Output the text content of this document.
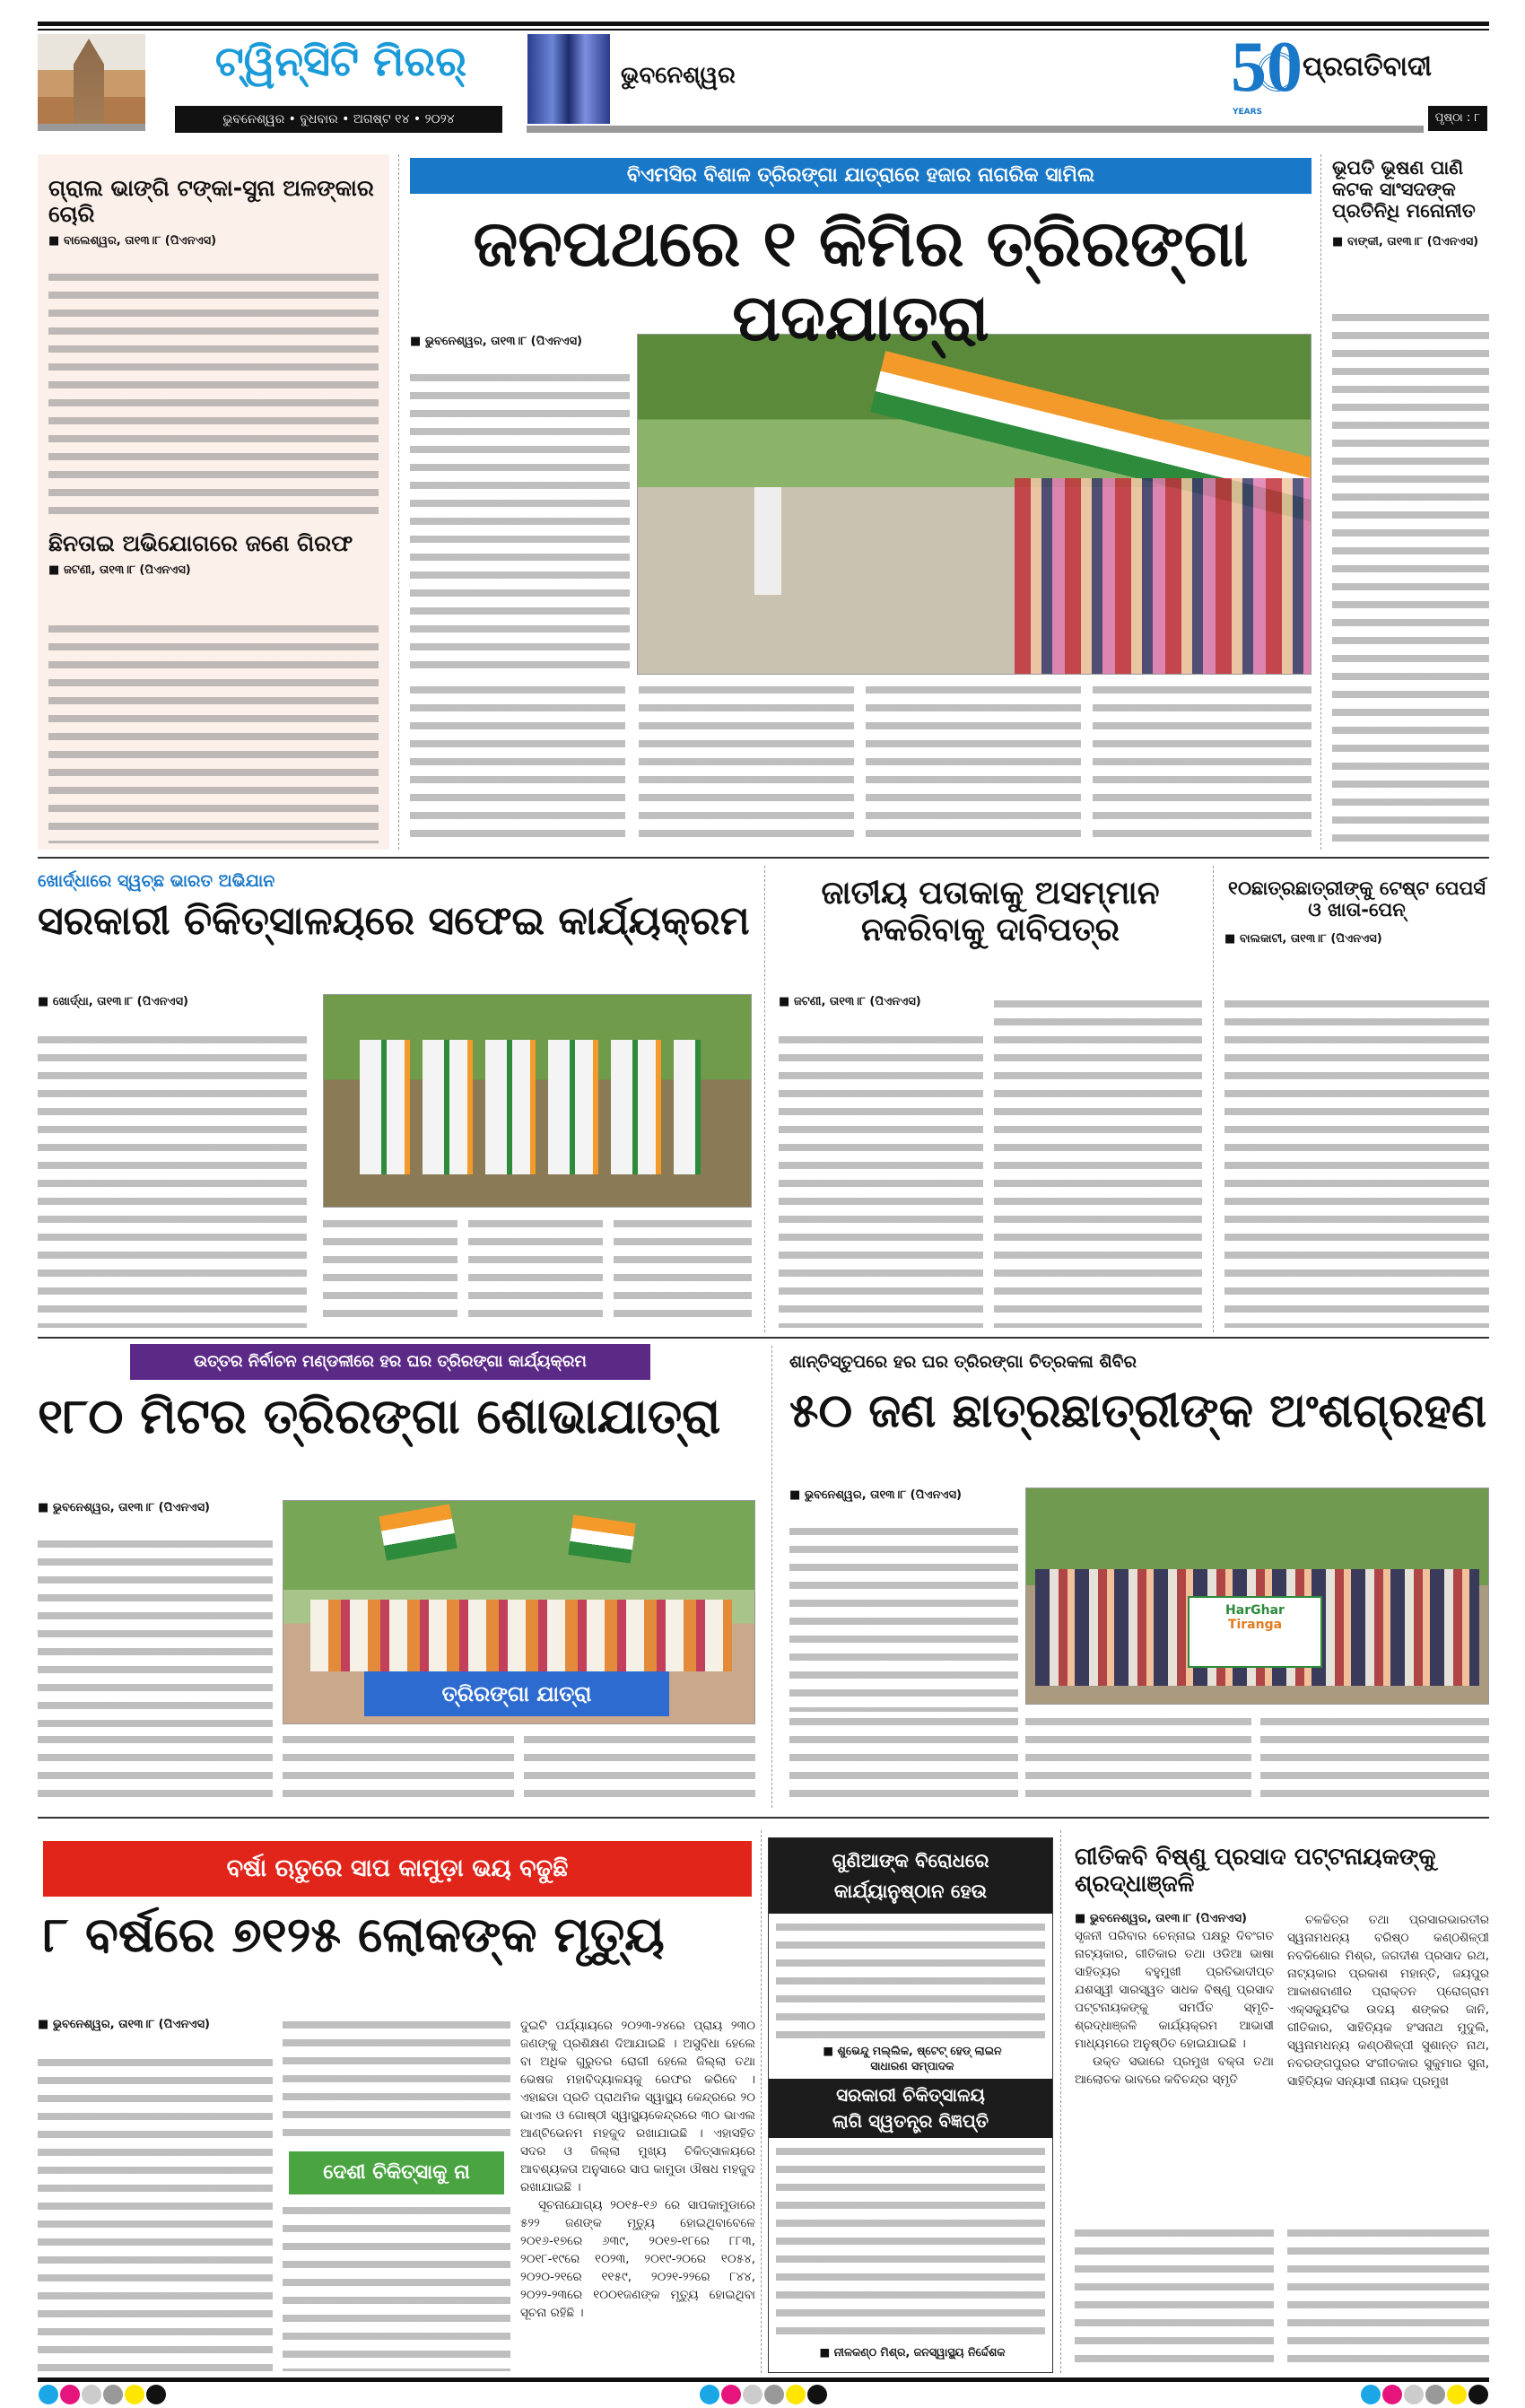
ଟ୍ୱିନ୍‌ସିଟି ମିରର୍
ଭୁବନେଶ୍ୱର • ବୁଧବାର • ଅଗଷ୍ଟ ୧୪ • ୨୦୨୪
ଭୁବନେଶ୍ୱର	50
YEARS
ପ୍ରଗତିବାଦୀ
ପୃଷ୍ଠା : ୮
ଗ୍ରାଲ ଭାଙ୍ଗି ଟଙ୍କା-ସୁନା ଅଳଙ୍କାର ଚୋରି
■ ବାଲେଶ୍ୱର, ତା୧୩।୮ (ପିଏନଏସ)
ଛିନତାଇ ଅଭିଯୋଗରେ ଜଣେ ଗିରଫ
■ ଜଟଣୀ, ତା୧୩।୮ (ପିଏନଏସ)
ବିଏମସିର ବିଶାଳ ତ୍ରିରଙ୍ଗା ଯାତ୍ରାରେ ହଜାର ନାଗରିକ ସାମିଲ
ଜନପଥରେ ୧ କିମିର ତ୍ରିରଙ୍ଗା ପଦଯାତ୍ରା
■ ଭୁବନେଶ୍ୱର, ତା୧୩।୮ (ପିଏନଏସ)
ଭୂପତି ଭୂଷଣ ପାଣି
କଟକ ସାଂସଦଙ୍କ
ପ୍ରତିନିଧି ମନୋନୀତ
■ ବାଙ୍କୀ, ତା୧୩।୮ (ପିଏନଏସ)
ଖୋର୍ଦ୍ଧାରେ ସ୍ୱଚ୍ଛ ଭାରତ ଅଭିଯାନ
ସରକାରୀ ଚିକିତ୍ସାଳୟରେ ସଫେଇ କାର୍ଯ୍ୟକ୍ରମ
■ ଖୋର୍ଦ୍ଧା, ତା୧୩।୮ (ପିଏନଏସ)
ଜାତୀୟ ପତାକାକୁ ଅସମ୍ମାନ
ନକରିବାକୁ ଦାବିପତ୍ର
■ ଜଟଣୀ, ତା୧୩।୮ (ପିଏନଏସ)
୧୦ଛାତ୍ରଛାତ୍ରୀଙ୍କୁ ଟେଷ୍ଟ ପେପର୍ସ
ଓ ଖାତା-ପେନ୍
■ ବାଲକାଟୀ, ତା୧୩।୮ (ପିଏନଏସ)
ଉତ୍ତର ନିର୍ବାଚନ ମଣ୍ଡଳୀରେ ହର ଘର ତ୍ରିରଙ୍ଗା କାର୍ଯ୍ୟକ୍ରମ
୧୮୦ ମିଟର ତ୍ରିରଙ୍ଗା ଶୋଭାଯାତ୍ରା
■ ଭୁବନେଶ୍ୱର, ତା୧୩।୮ (ପିଏନଏସ)
ତ୍ରିରଙ୍ଗା ଯାତ୍ରା
ଶାନ୍ତିସ୍ତୁପରେ ହର ଘର ତ୍ରିରଙ୍ଗା ଚିତ୍ରକଳା ଶିବିର
୫୦ ଜଣ ଛାତ୍ରଛାତ୍ରୀଙ୍କ ଅଂଶଗ୍ରହଣ
■ ଭୁବନେଶ୍ୱର, ତା୧୩।୮ (ପିଏନଏସ)
HarGhar
Tiranga
ବର୍ଷା ଋତୁରେ ସାପ କାମୁଡ଼ା ଭୟ ବଢୁଛି
୮ ବର୍ଷରେ ୭୧୨୫ ଲୋକଙ୍କ ମୃତ୍ୟୁ
■ ଭୁବନେଶ୍ୱର, ତା୧୩।୮ (ପିଏନଏସ)
ଦେଶୀ ଚିକିତ୍ସାକୁ ନା
ଦୁଇଟି ପର୍ଯ୍ୟାୟରେ ୨୦୨୩-୨୪ରେ ପ୍ରାୟ ୨୩୦ ଜଣଙ୍କୁ ପ୍ରଶିକ୍ଷଣ ଦିଆଯାଇଛି । ଅସୁବିଧା ହେଲେ ବା ଅଧିକ ଗୁରୁତର ରୋଗୀ ହେଲେ ଜିଲ୍ଲା ତଥା ଭେଷଜ ମହାବିଦ୍ୟାଳୟକୁ ରେଫର କରିବେ । ଏହାଛଡା ପ୍ରତି ପ୍ରାଥମିକ ସ୍ୱାସ୍ଥ୍ୟ କେନ୍ଦ୍ରରେ ୨୦ ଭାଏଲ ଓ ଗୋଷ୍ଠୀ ସ୍ୱାସ୍ଥ୍ୟକେନ୍ଦ୍ରରେ ୩୦ ଭାଏଲ ଆଣ୍ଟିଭେନମ ମହଜୁଦ ରଖାଯାଇଛି । ଏହାସହିତ ସଦର ଓ ଜିଲ୍ଲା ମୁଖ୍ୟ ଚିକିତ୍ସାଳୟରେ ଆବଶ୍ୟକତା ଅନୁସାରେ ସାପ କାମୁଡା ଔଷଧ ମହଜୁଦ ରଖାଯାଇଛି ।
ସୂଚନାଯୋଗ୍ୟ ୨୦୧୫-୧୬ ରେ ସାପକାମୁଡାରେ ୫୨୨ ଜଣଙ୍କ ମୃତ୍ୟୁ ହୋଇଥିବାବେଳେ ୨୦୧୬-୧୭ରେ ୬୩୯, ୨୦୧୭-୧୮ରେ ୮୮୩, ୨୦୧୮-୧୯ରେ ୧୦୨୩, ୨୦୧୯-୨୦ରେ ୧୦୫୪, ୨୦୨୦-୨୧ରେ ୧୧୫୯, ୨୦୨୧-୨୨ରେ ୮୪୪, ୨୦୨୨-୨୩ରେ ୧୦୦୧ଜଣଙ୍କ ମୃତ୍ୟୁ ହୋଇଥିବା ସୂଚନା ରହିଛି ।
ଗୁଣିଆଙ୍କ ବିରୋଧରେ
କାର୍ଯ୍ୟାନୁଷ୍ଠାନ ହେଉ
■ ଶୁଭେନ୍ଦୁ ମଲ୍ଲିକ, ଷ୍ଟେଟ୍ ହେଡ୍ ଲାଇନ
ସାଧାରଣ ସମ୍ପାଦକ
ସରକାରୀ ଚିକିତ୍ସାଳୟ
ଲାଗି ସ୍ୱତନ୍ତ୍ର ବିଜ୍ଞପ୍ତି
■ ନୀଳକଣ୍ଠ ମିଶ୍ର, ଜନସ୍ୱାସ୍ଥ୍ୟ ନିର୍ଦ୍ଦେଶକ
ଗୀତିକବି ବିଷ୍ଣୁ ପ୍ରସାଦ ପଟ୍ଟନାୟକଙ୍କୁ ଶ୍ରଦ୍ଧାଞ୍ଜଳି
■ ଭୁବନେଶ୍ୱର, ତା୧୩।୮ (ପିଏନଏସ)
ସୃଜନୀ ପରିବାର ଚେନ୍ନାଇ ପକ୍ଷରୁ ଦିବଂଗତ ନାଟ୍ୟକାର, ଗୀତିକାର ତଥା ଓଡିଆ ଭାଷା ସାହିତ୍ୟର ବହୁମୁଖୀ ପ୍ରତିଭାଦୀପ୍ତ ଯଶସ୍ୱୀ ସାରସ୍ୱତ ସାଧକ ବିଷ୍ଣୁ ପ୍ରସାଦ ପଟ୍ଟନାୟକଙ୍କୁ ସମର୍ପିତ ସ୍ମୃତି-ଶ୍ରଦ୍ଧାଞ୍ଜଳି କାର୍ଯ୍ୟକ୍ରମ ଆଭାସୀ ମାଧ୍ୟମରେ ଅନୁଷ୍ଠିତ ହୋଇଯାଇଛି ।
ଉକ୍ତ ସଭାରେ ପ୍ରମୁଖ ବକ୍ତା ତଥା ଆଲୋଚକ ଭାବରେ କବିଚନ୍ଦ୍ର ସ୍ମୃତି
ଚଳଚ୍ଚିତ୍ର ତଥା ପ୍ରସାରଭାରତୀର ସ୍ୱନାମଧନ୍ୟ ବରିଷ୍ଠ କଣ୍ଠଶିଳ୍ପୀ ନବକିଶୋର ମିଶ୍ର, ଜଗଦୀଶ ପ୍ରସାଦ ରଥ, ନାଟ୍ୟକାର ପ୍ରକାଶ ମହାନ୍ତି, ଜୟପୁର ଆକାଶବାଣୀର ପ୍ରାକ୍ତନ ପ୍ରୋଗ୍ରାମ ଏକ୍ସକ୍ୟୁଟିଭ ଉଦୟ ଶଙ୍କର ଜାନି, ଗୀତିକାର, ସାହିତ୍ୟିକ ହଂସନାଥ ମୁଦୁଲି, ସ୍ୱନାମଧନ୍ୟ କଣ୍ଠଶିଳ୍ପୀ ସୁଶାନ୍ତ ନାଥ, ନବରଙ୍ଗପୁରର ସଂଗୀତକାର ସୁକୁମାର ସୁନା, ସାହିତ୍ୟିକ ସନ୍ୟାସୀ ନାୟକ ପ୍ରମୁଖ
